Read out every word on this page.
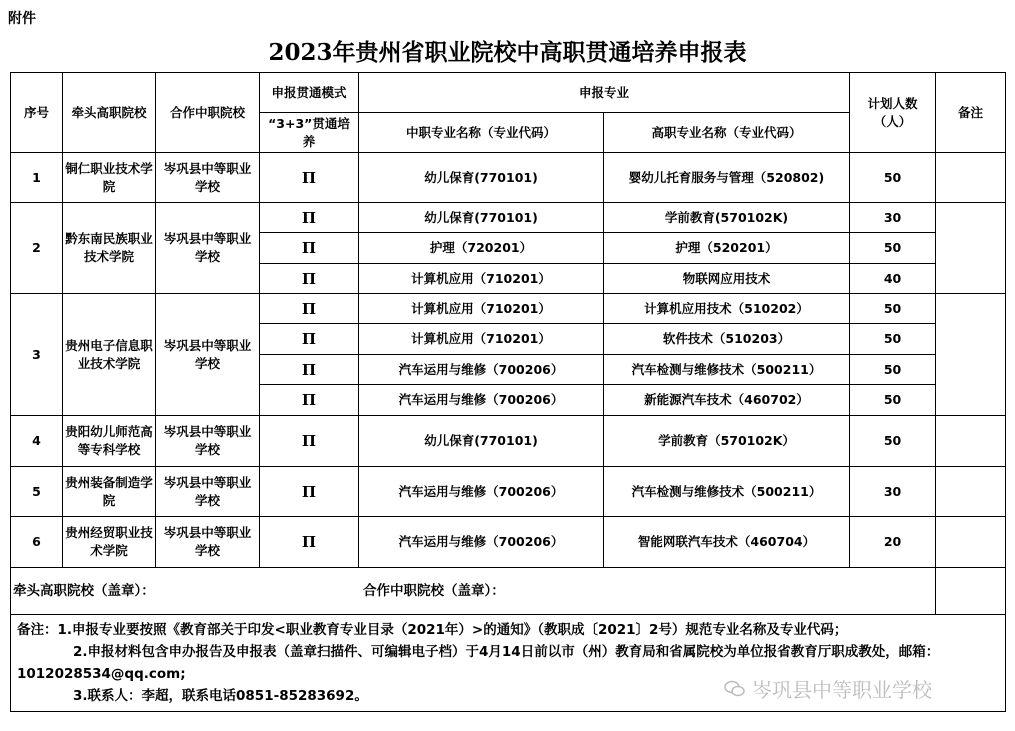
附件
2023年贵州省职业院校中高职贯通培养申报表
序号	牵头高职院校	合作中职院校	申报贯通模式	申报专业		计划人数（人）	备注
			“3+3”贯通培养	中职专业名称（专业代码）	高职专业名称（专业代码）		
1	铜仁职业技术学院	岑巩县中等职业学校	Π	幼儿保育(770101)	婴幼儿托育服务与管理（520802)	50	
2	黔东南民族职业技术学院	岑巩县中等职业学校	Π	幼儿保育(770101)	学前教育(570102K)	30	
			Π	护理（720201）	护理（520201）	50	
			Π	计算机应用（710201）	物联网应用技术	40	
3	贵州电子信息职业技术学院	岑巩县中等职业学校	Π	计算机应用（710201）	计算机应用技术（510202）	50	
			Π	计算机应用（710201）	软件技术（510203）	50	
			Π	汽车运用与维修（700206）	汽车检测与维修技术（500211）	50	
			Π	汽车运用与维修（700206）	新能源汽车技术（460702）	50	
4	贵阳幼儿师范高等专科学校	岑巩县中等职业学校	Π	幼儿保育(770101)	学前教育（570102K）	50	
5	贵州装备制造学院	岑巩县中等职业学校	Π	汽车运用与维修（700206）	汽车检测与维修技术（500211）	30	
6	贵州经贸职业技术学院	岑巩县中等职业学校	Π	汽车运用与维修（700206）	智能网联汽车技术（460704）	20	
牵头高职院校（盖章）： 合作中职院校（盖章）：							

备注：1.申报专业要按照《教育部关于印发<职业教育专业目录（2021年）>的通知》（教职成〔2021〕2号）规范专业名称及专业代码；
2.申报材料包含申办报告及申报表（盖章扫描件、可编辑电子档）于4月14日前以市（州）教育局和省属院校为单位报省教育厅职成教处，邮箱：1012028534@qq.com;
3.联系人：李超，联系电话0851-85283692。								岑巩县中等职业学校
